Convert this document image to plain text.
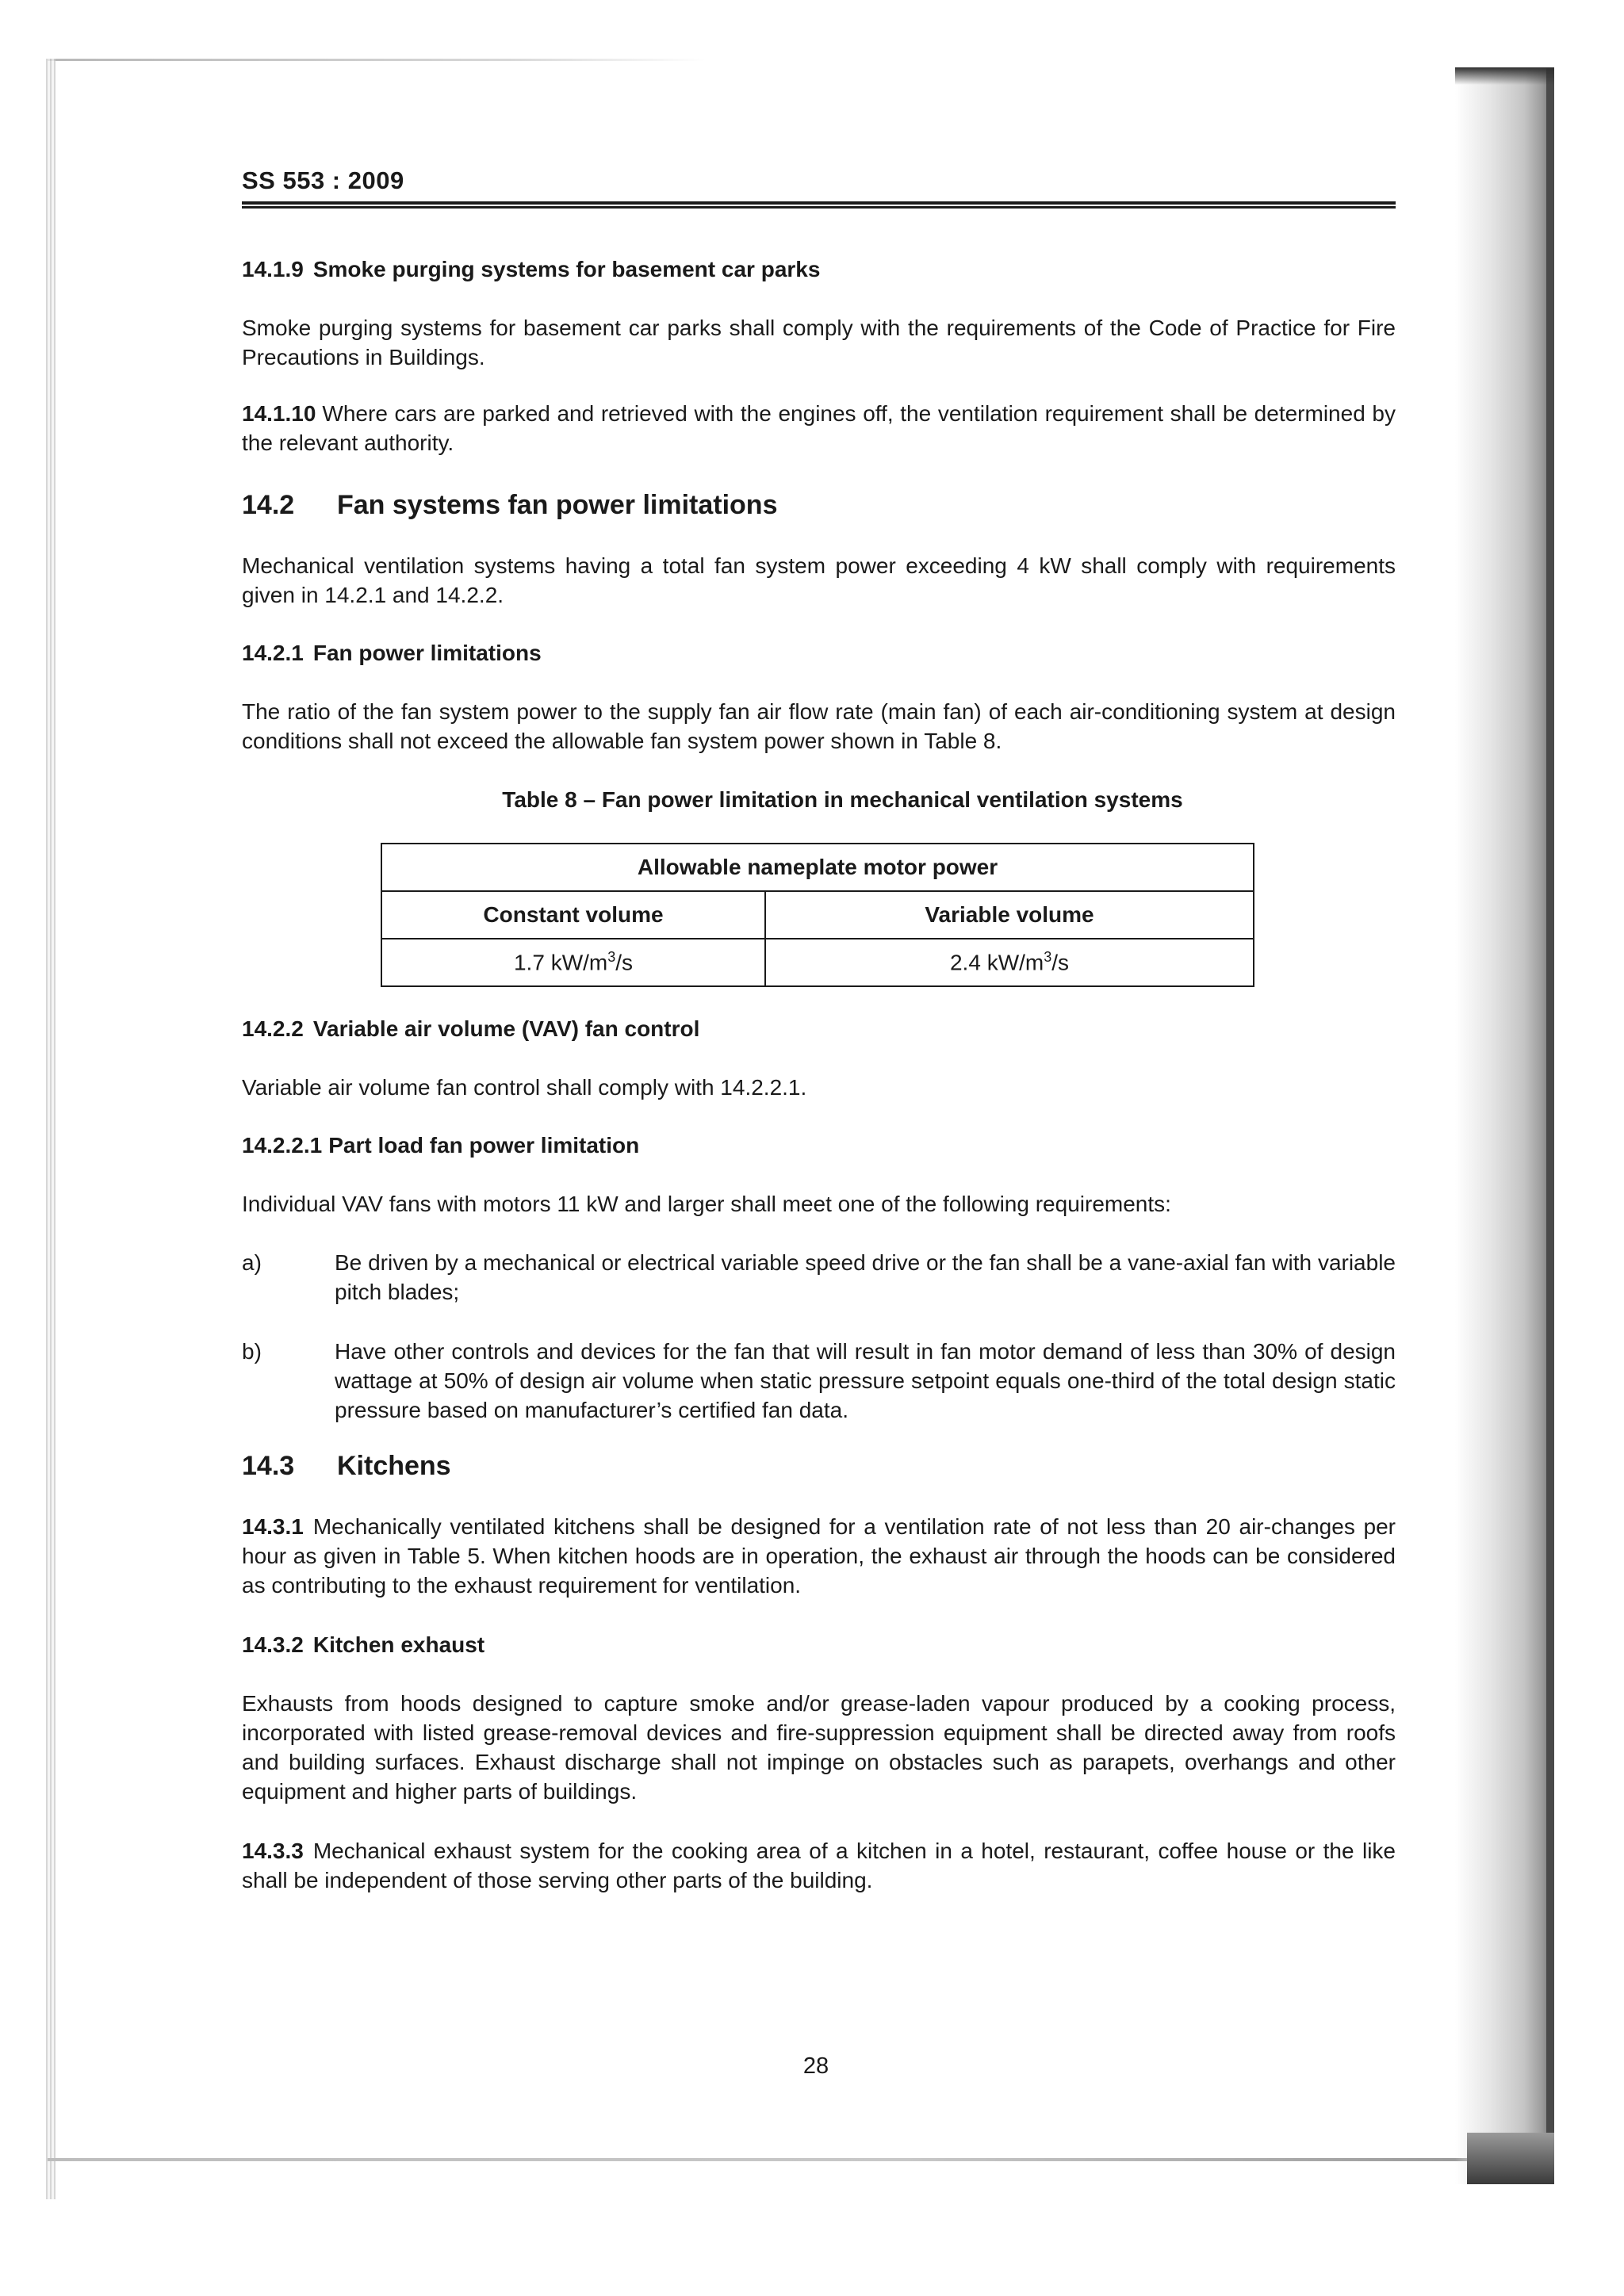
SS 553 : 2009
14.1.9 Smoke purging systems for basement car parks

Smoke purging systems for basement car parks shall comply with the requirements of the Code of Practice for Fire Precautions in Buildings.

14.1.10 Where cars are parked and retrieved with the engines off, the ventilation requirement shall be determined by the relevant authority.

14.2 Fan systems fan power limitations

Mechanical ventilation systems having a total fan system power exceeding 4 kW shall comply with requirements given in 14.2.1 and 14.2.2.

14.2.1 Fan power limitations

The ratio of the fan system power to the supply fan air flow rate (main fan) of each air-conditioning system at design conditions shall not exceed the allowable fan system power shown in Table 8.

Table 8 – Fan power limitation in mechanical ventilation systems
Allowable nameplate motor power	
Constant volume	Variable volume
1.7 $kW/m^3/s$	2.4 $kW/m^3/s$
14.2.2 Variable air volume (VAV) fan control

Variable air volume fan control shall comply with 14.2.2.1.

14.2.2.1 Part load fan power limitation

Individual VAV fans with motors 11 kW and larger shall meet one of the following requirements:

a)	Be driven by a mechanical or electrical variable speed drive or the fan shall be a vane-axial fan with variable pitch blades;
b)	Have other controls and devices for the fan that will result in fan motor demand of less than 30% of design wattage at 50% of design air volume when static pressure setpoint equals one-third of the total design static pressure based on manufacturer’s certified fan data.
14.3 Kitchens

14.3.1 Mechanically ventilated kitchens shall be designed for a ventilation rate of not less than 20 air-changes per hour as given in Table 5. When kitchen hoods are in operation, the exhaust air through the hoods can be considered as contributing to the exhaust requirement for ventilation.

14.3.2 Kitchen exhaust

Exhausts from hoods designed to capture smoke and/or grease-laden vapour produced by a cooking process, incorporated with listed grease-removal devices and fire-suppression equipment shall be directed away from roofs and building surfaces. Exhaust discharge shall not impinge on obstacles such as parapets, overhangs and other equipment and higher parts of buildings.

14.3.3 Mechanical exhaust system for the cooking area of a kitchen in a hotel, restaurant, coffee house or the like shall be independent of those serving other parts of the building.

28
